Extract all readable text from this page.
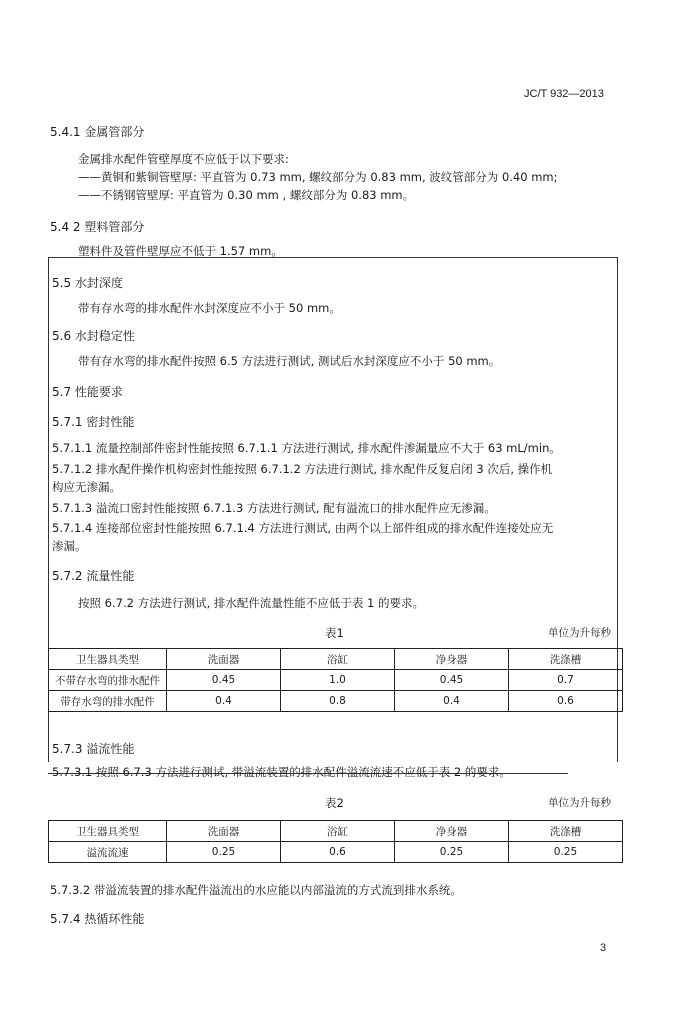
JC/T 932—2013
5.4.1 金属管部分
金属排水配件管壁厚度不应低于以下要求:
——黄铜和紫铜管壁厚: 平直管为 0.73 mm, 螺纹部分为 0.83 mm, 波纹管部分为 0.40 mm;
——不锈钢管壁厚: 平直管为 0.30 mm , 螺纹部分为 0.83 mm。
5.4 2 塑料管部分
塑料件及管件壁厚应不低于 1.57 mm。
5.5 水封深度
带有存水弯的排水配件水封深度应不小于 50 mm。
5.6 水封稳定性
带有存水弯的排水配件按照 6.5 方法进行测试, 测试后水封深度应不小于 50 mm。
5.7 性能要求
5.7.1 密封性能
5.7.1.1 流量控制部件密封性能按照 6.7.1.1 方法进行测试, 排水配件渗漏量应不大于 63 mL/min。
5.7.1.2 排水配件操作机构密封性能按照 6.7.1.2 方法进行测试, 排水配件反复启闭 3 次后, 操作机
构应无渗漏。
5.7.1.3 溢流口密封性能按照 6.7.1.3 方法进行测试, 配有溢流口的排水配件应无渗漏。
5.7.1.4 连接部位密封性能按照 6.7.1.4 方法进行测试, 由两个以上部件组成的排水配件连接处应无
渗漏。
5.7.2 流量性能
按照 6.7.2 方法进行测试, 排水配件流量性能不应低于表 1 的要求。
表1	单位为升每秒
卫生器具类型	洗面器	浴缸	净身器	洗涤槽
不带存水弯的排水配件	0.45	1.0	0.45	0.7
带存水弯的排水配件	0.4	0.8	0.4	0.6
5.7.3 溢流性能
5.7.3.1 按照 6.7.3 方法进行测试, 带溢流装置的排水配件溢流流速不应低于表 2 的要求。
表2	单位为升每秒
卫生器具类型	洗面器	浴缸	净身器	洗涤槽
溢流流速	0.25	0.6	0.25	0.25
5.7.3.2 带溢流装置的排水配件溢流出的水应能以内部溢流的方式流到排水系统。
5.7.4 热循环性能
3
